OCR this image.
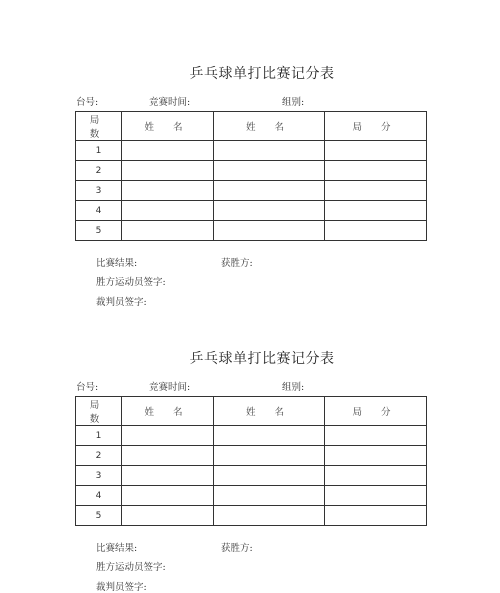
乒乓球单打比赛记分表
台号:	竞赛时间:	组别:
局 数	姓 名	姓 名	局 分
1			
2			
3			
4			
5			
比赛结果:	获胜方:
胜方运动员签字:
裁判员签字:
乒乓球单打比赛记分表
台号:	竞赛时间:	组别:
局 数	姓 名	姓 名	局 分
1			
2			
3			
4			
5			
比赛结果:	获胜方:
胜方运动员签字:
裁判员签字:
